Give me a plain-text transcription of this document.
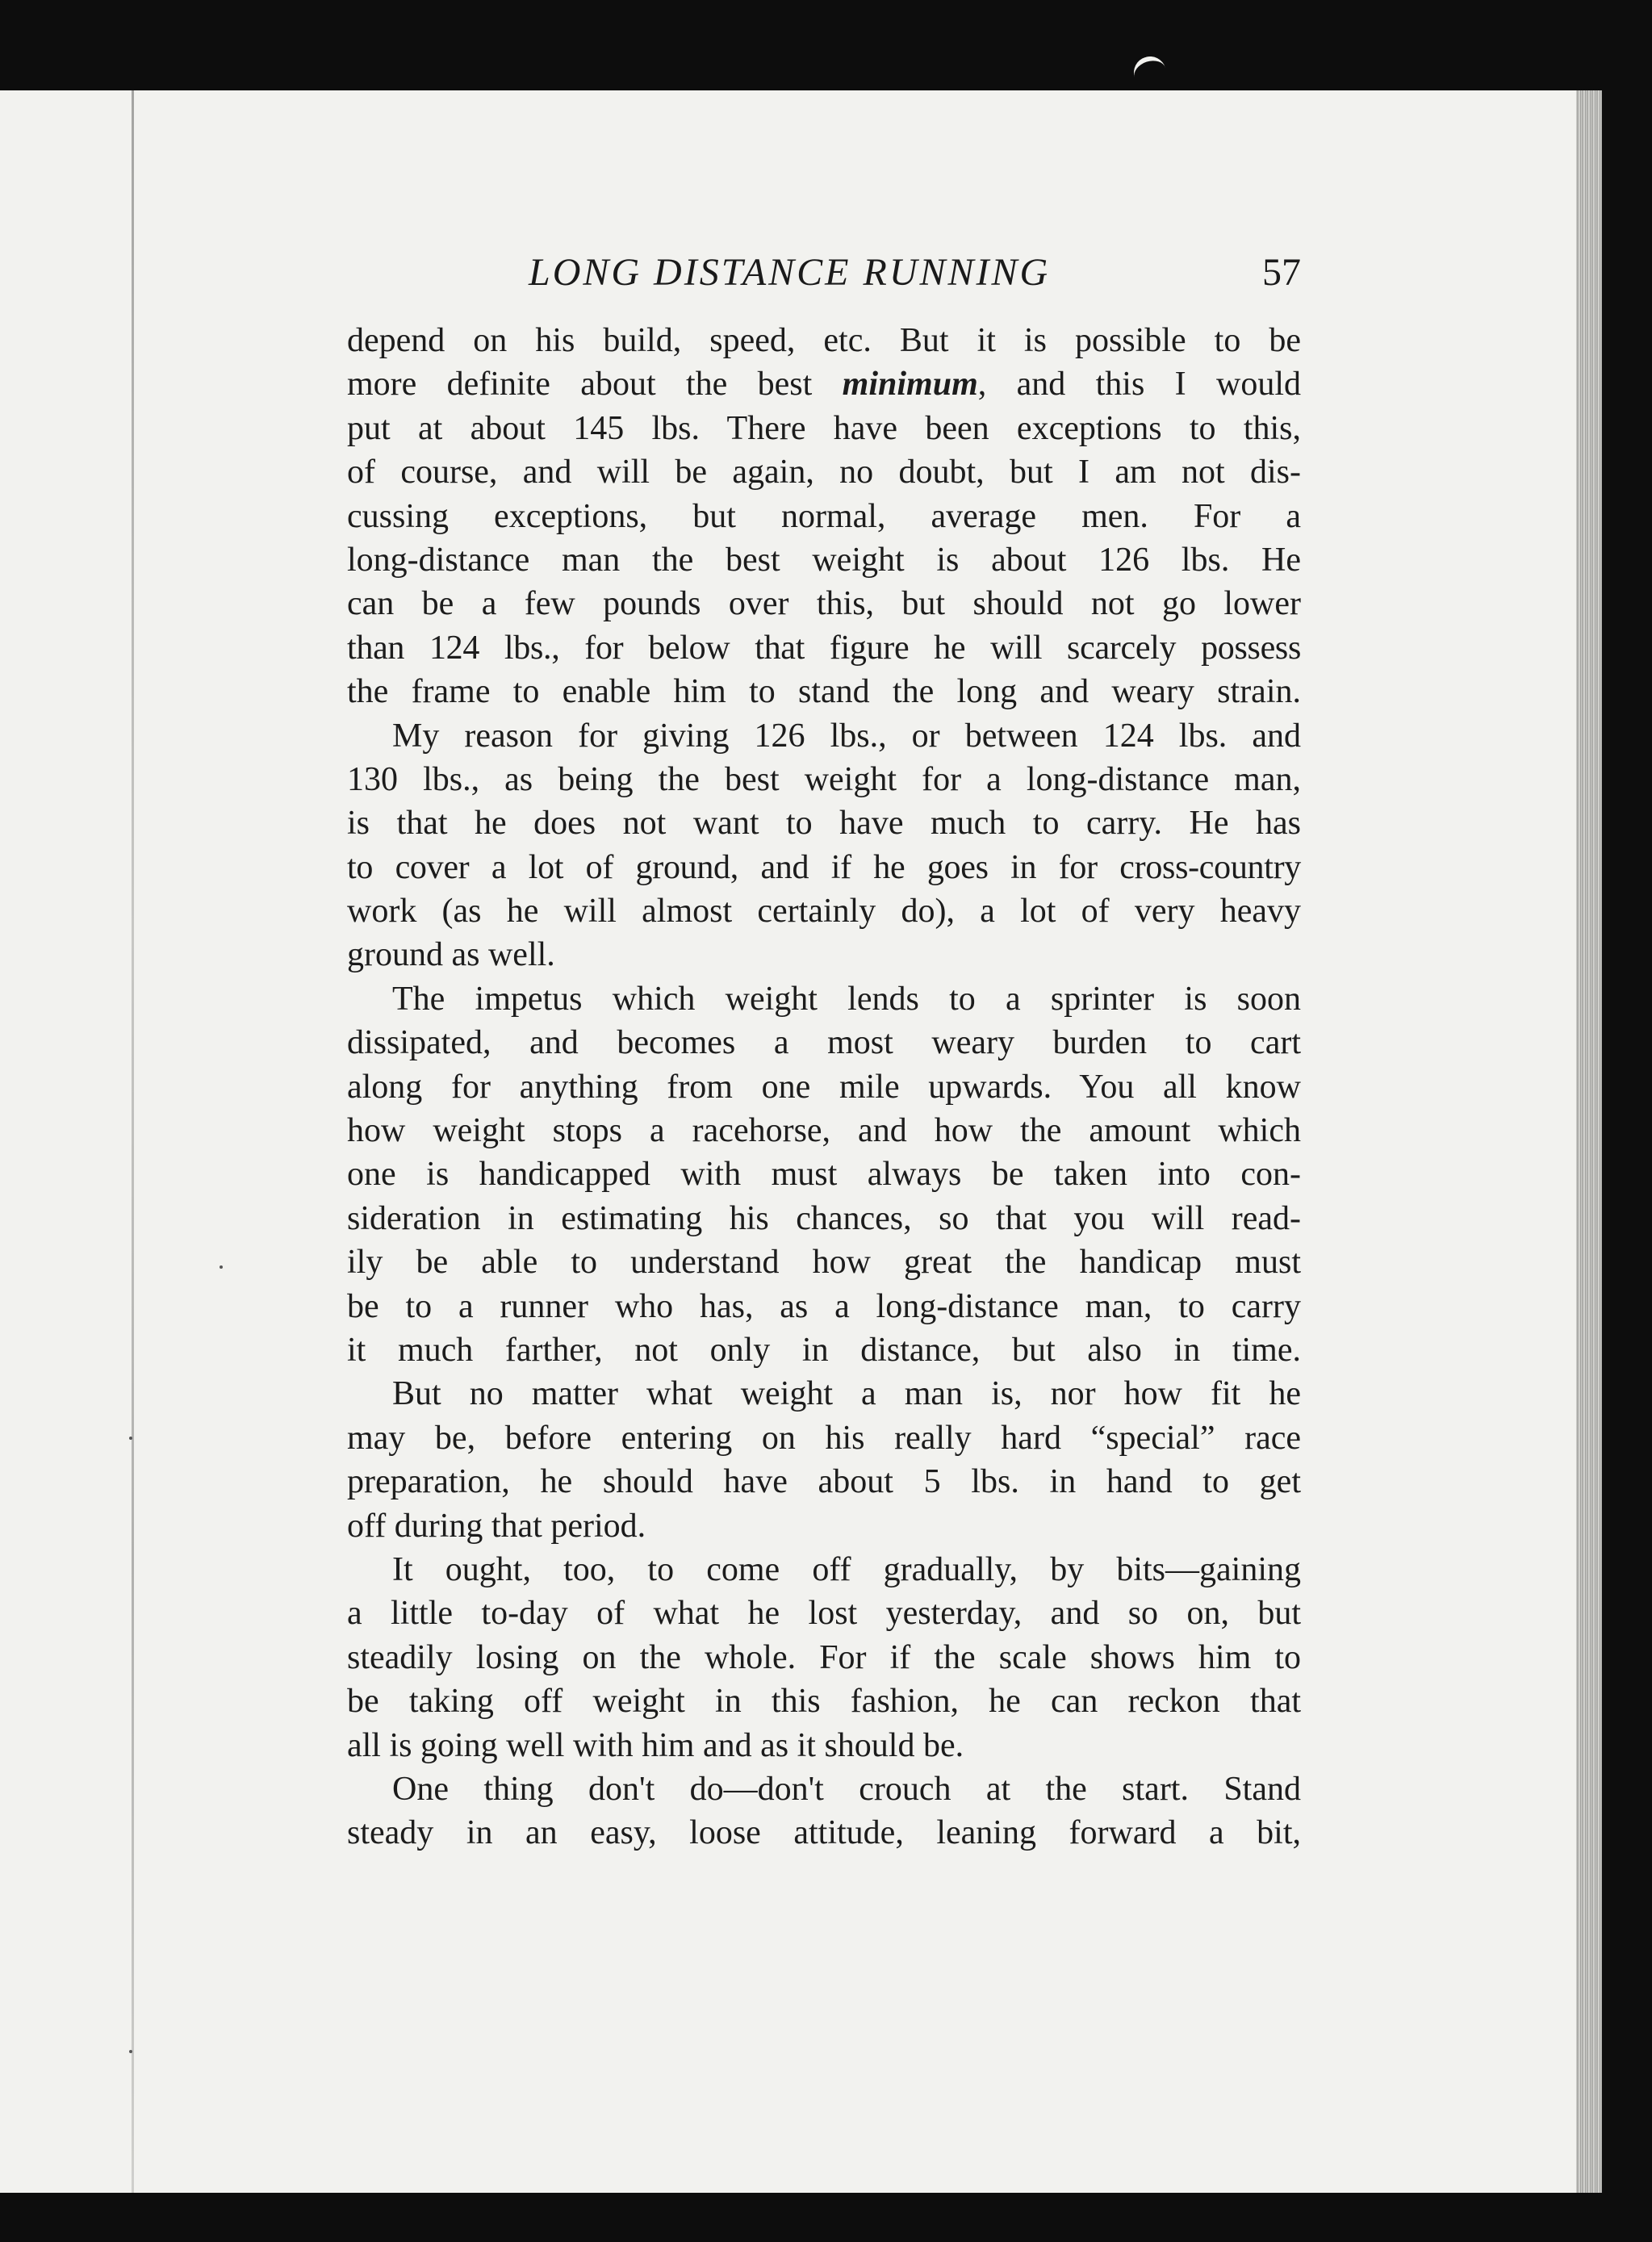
LONG DISTANCE RUNNING	57
depend on his build, speed, etc. But it is possible to be
more definite about the best minimum, and this I would
put at about 145 lbs. There have been exceptions to this,
of course, and will be again, no doubt, but I am not dis-
cussing exceptions, but normal, average men. For a
long-distance man the best weight is about 126 lbs. He
can be a few pounds over this, but should not go lower
than 124 lbs., for below that figure he will scarcely possess
the frame to enable him to stand the long and weary strain.
My reason for giving 126 lbs., or between 124 lbs. and
130 lbs., as being the best weight for a long-distance man,
is that he does not want to have much to carry. He has
to cover a lot of ground, and if he goes in for cross-country
work (as he will almost certainly do), a lot of very heavy
ground as well.
The impetus which weight lends to a sprinter is soon
dissipated, and becomes a most weary burden to cart
along for anything from one mile upwards. You all know
how weight stops a racehorse, and how the amount which
one is handicapped with must always be taken into con-
sideration in estimating his chances, so that you will read-
ily be able to understand how great the handicap must
be to a runner who has, as a long-distance man, to carry
it much farther, not only in distance, but also in time.
But no matter what weight a man is, nor how fit he
may be, before entering on his really hard “special” race
preparation, he should have about 5 lbs. in hand to get
off during that period.
It ought, too, to come off gradually, by bits—gaining
a little to-day of what he lost yesterday, and so on, but
steadily losing on the whole. For if the scale shows him to
be taking off weight in this fashion, he can reckon that
all is going well with him and as it should be.
One thing don't do—don't crouch at the start. Stand
steady in an easy, loose attitude, leaning forward a bit,
